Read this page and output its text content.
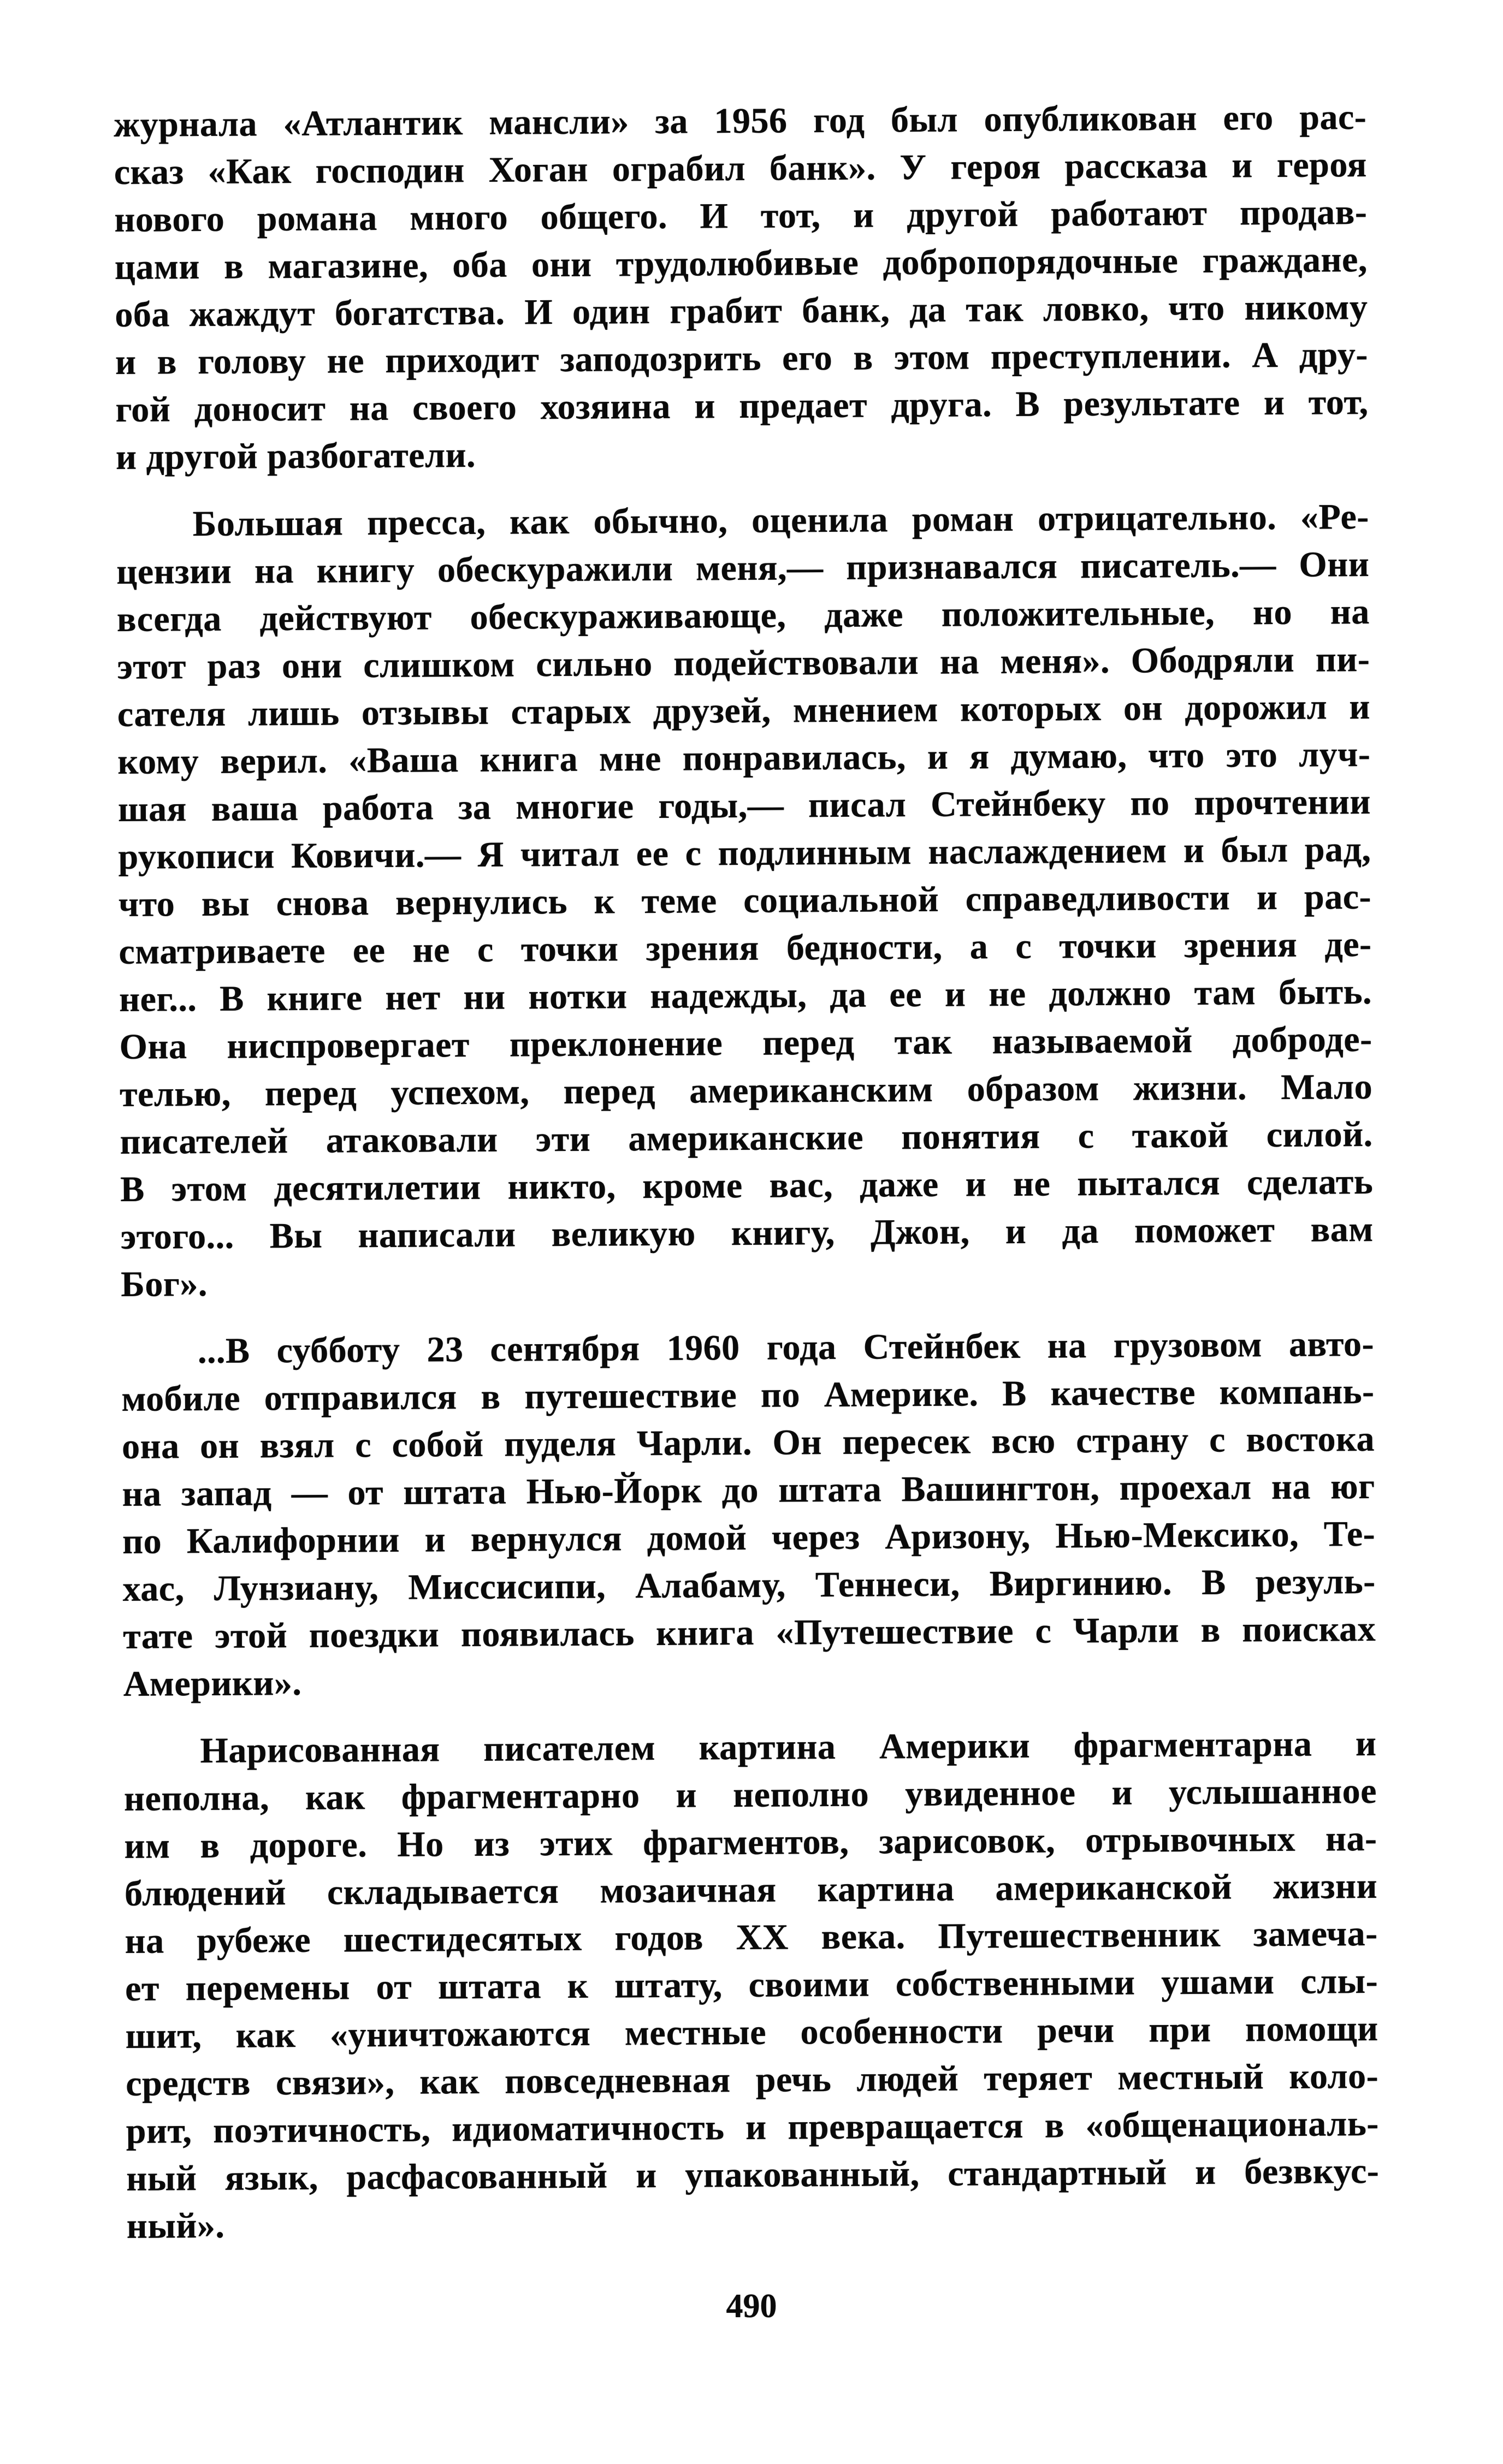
журнала «Атлантик мансли» за 1956 год был опубликован его рас-
сказ «Как господин Хоган ограбил банк». У героя рассказа и героя
нового романа много общего. И тот, и другой работают продав-
цами в магазине, оба они трудолюбивые добропорядочные граждане,
оба жаждут богатства. И один грабит банк, да так ловко, что никому
и в голову не приходит заподозрить его в этом преступлении. А дру-
гой доносит на своего хозяина и предает друга. В результате и тот,
и другой разбогатели.
Большая пресса, как обычно, оценила роман отрицательно. «Ре-
цензии на книгу обескуражили меня,— признавался писатель.— Они
всегда действуют обескураживающе, даже положительные, но на
этот раз они слишком сильно подействовали на меня». Ободряли пи-
сателя лишь отзывы старых друзей, мнением которых он дорожил и
кому верил. «Ваша книга мне понравилась, и я думаю, что это луч-
шая ваша работа за многие годы,— писал Стейнбеку по прочтении
рукописи Ковичи.— Я читал ее с подлинным наслаждением и был рад,
что вы снова вернулись к теме социальной справедливости и рас-
сматриваете ее не с точки зрения бедности, а с точки зрения де-
нег... В книге нет ни нотки надежды, да ее и не должно там быть.
Она ниспровергает преклонение перед так называемой доброде-
телью, перед успехом, перед американским образом жизни. Мало
писателей атаковали эти американские понятия с такой силой.
В этом десятилетии никто, кроме вас, даже и не пытался сделать
этого... Вы написали великую книгу, Джон, и да поможет вам
Бог».
...В субботу 23 сентября 1960 года Стейнбек на грузовом авто-
мобиле отправился в путешествие по Америке. В качестве компань-
она он взял с собой пуделя Чарли. Он пересек всю страну с востока
на запад — от штата Нью-Йорк до штата Вашингтон, проехал на юг
по Калифорнии и вернулся домой через Аризону, Нью-Мексико, Те-
хас, Лунзиану, Миссисипи, Алабаму, Теннеси, Виргинию. В резуль-
тате этой поездки появилась книга «Путешествие с Чарли в поисках
Америки».
Нарисованная писателем картина Америки фрагментарна и
неполна, как фрагментарно и неполно увиденное и услышанное
им в дороге. Но из этих фрагментов, зарисовок, отрывочных на-
блюдений складывается мозаичная картина американской жизни
на рубеже шестидесятых годов XX века. Путешественник замеча-
ет перемены от штата к штату, своими собственными ушами слы-
шит, как «уничтожаются местные особенности речи при помощи
средств связи», как повседневная речь людей теряет местный коло-
рит, поэтичность, идиоматичность и превращается в «общенациональ-
ный язык, расфасованный и упакованный, стандартный и безвкус-
ный».
490
